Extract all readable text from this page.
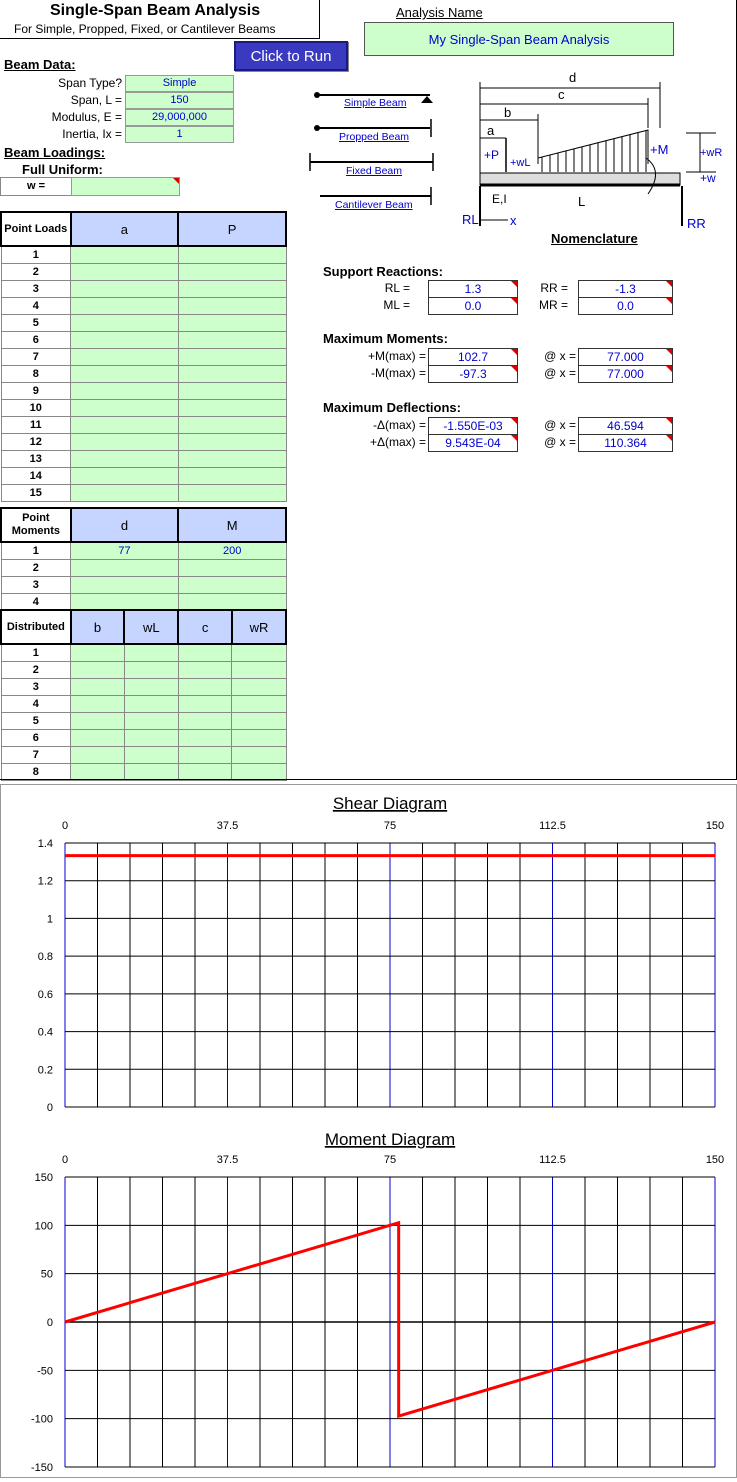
Single-Span Beam Analysis
For Simple, Propped, Fixed, or Cantilever Beams
Click to Run
Analysis Name
My Single-Span Beam Analysis
Beam Data:
Span Type?	Simple
Span, L =	150
Modulus, E =	29,000,000
Inertia, Ix =	1
Beam Loadings:
Full Uniform:
w =
Point Loads	a	P
1		
2		
3		
4		
5		
6		
7		
8		
9		
10		
11		
12		
13		
14		
15		
Point
Moments	d	M
1	77	200
2		
3		
4		
Distributed	b	wL	c	wR
1				
2				
3				
4				
5				
6				
7				
8				
Simple Beam
Propped Beam
Fixed Beam
Cantilever Beam
d
c
b
a
+P
+wL
+M	+wR
+w
E,I	L
x
RL	RR
Nomenclature
Support Reactions:
RL =	1.3	RR =	-1.3
ML =	0.0	MR =	0.0
Maximum Moments:
+M(max) =	102.7	@ x =	77.000
-M(max) =	-97.3	@ x =	77.000
Maximum Deflections:
-Δ(max) =	-1.550E-03	@ x =	46.594
+Δ(max) =	9.543E-04	@ x =	110.364
Shear Diagram
0
0.2
0.4
0.6
0.8
1
1.2
1.4
0	37.5	75	112.5	150
Moment Diagram
-150
-100
-50
0
50
100
150
0	37.5	75	112.5	150
